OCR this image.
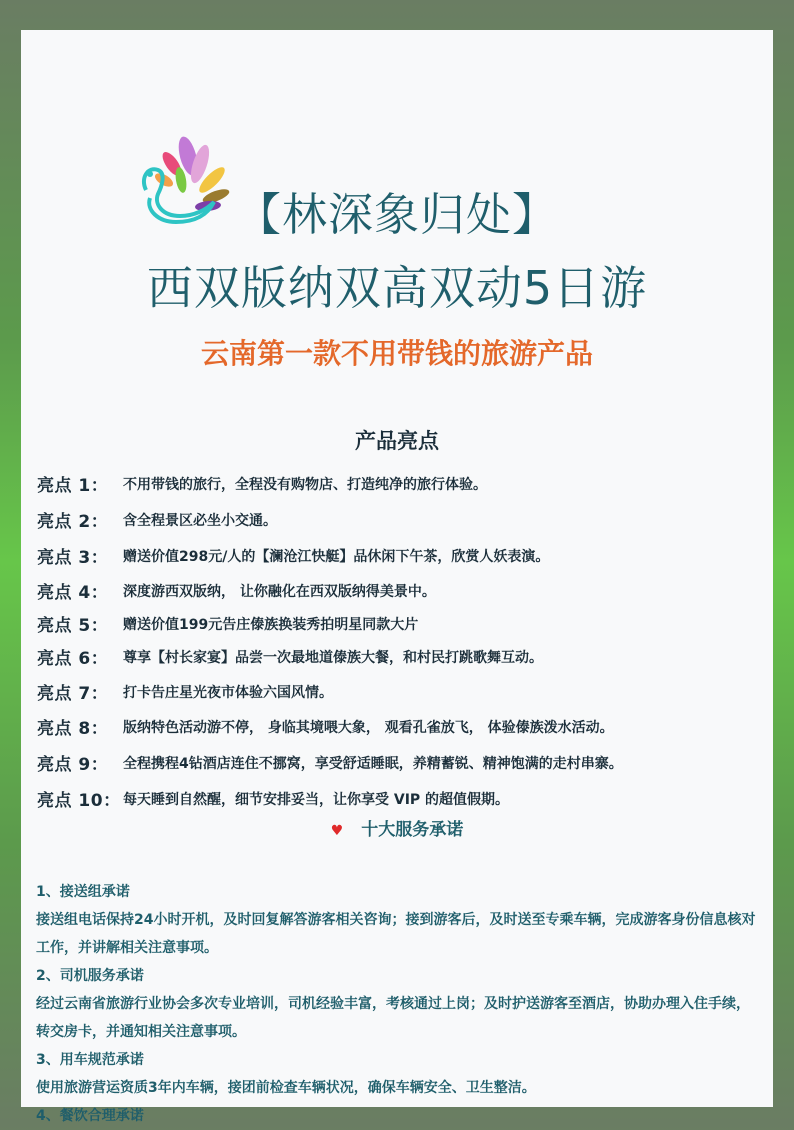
【林深象归处】
西双版纳双高双动5日游
云南第一款不用带钱的旅游产品
产品亮点
亮点 1： 不用带钱的旅行，全程没有购物店、打造纯净的旅行体验。
亮点 2： 含全程景区必坐小交通。
亮点 3： 赠送价值298元/人的【澜沧江快艇】品休闲下午茶，欣赏人妖表演。
亮点 4： 深度游西双版纳， 让你融化在西双版纳得美景中。
亮点 5： 赠送价值199元告庄傣族换装秀拍明星同款大片
亮点 6： 尊享【村长家宴】品尝一次最地道傣族大餐，和村民打跳歌舞互动。
亮点 7： 打卡告庄星光夜市体验六国风情。
亮点 8： 版纳特色活动游不停， 身临其境喂大象， 观看孔雀放飞， 体验傣族泼水活动。
亮点 9： 全程携程4钻酒店连住不挪窝，享受舒适睡眠，养精蓄锐、精神饱满的走村串寨。
亮点 10： 每天睡到自然醒，细节安排妥当，让你享受 VIP 的超值假期。
♥ 十大服务承诺
1、接送组承诺
接送组电话保持24小时开机，及时回复解答游客相关咨询；接到游客后，及时送至专乘车辆，完成游客身份信息核对工作，并讲解相关注意事项。
2、司机服务承诺
经过云南省旅游行业协会多次专业培训，司机经验丰富，考核通过上岗；及时护送游客至酒店，协助办理入住手续，转交房卡，并通知相关注意事项。
3、用车规范承诺
使用旅游营运资质3年内车辆，接团前检查车辆状况，确保车辆安全、卫生整洁。
4、餐饮合理承诺
